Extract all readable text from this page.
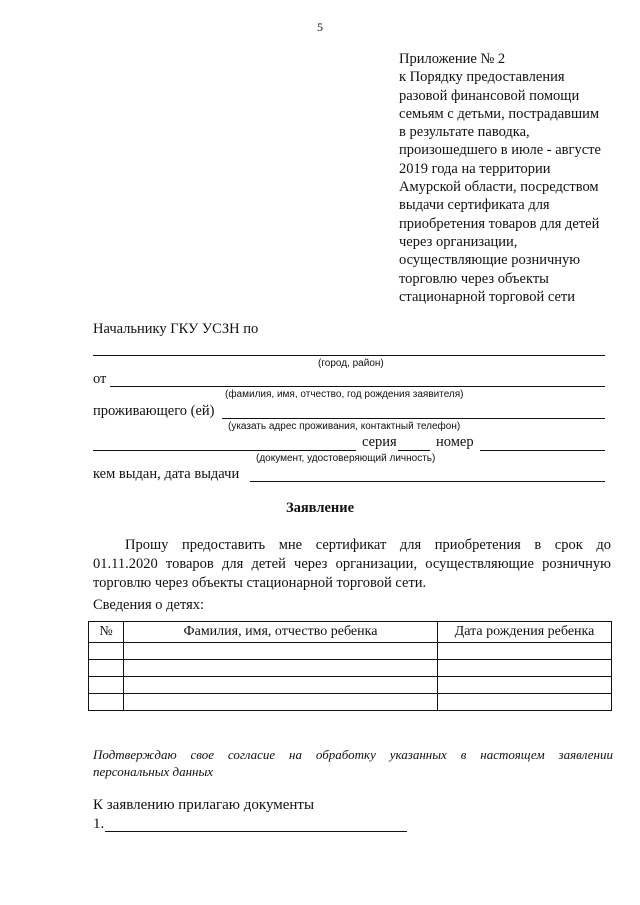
5
Приложение № 2
к Порядку предоставления
разовой финансовой помощи
семьям с детьми, пострадавшим
в результате паводка,
произошедшего в июле - августе
2019 года на территории
Амурской области, посредством
выдачи сертификата для
приобретения товаров для детей
через организации,
осуществляющие розничную
торговлю через объекты
стационарной торговой сети
Начальнику ГКУ УСЗН по
(город, район)
от
(фамилия, имя, отчество, год рождения заявителя)
проживающего (ей)
(указать адрес проживания, контактный телефон)
серия	номер
(документ, удостоверяющий личность)
кем выдан, дата выдачи
Заявление
Прошу предоставить мне сертификат для приобретения в срок до
01.11.2020 товаров для детей через организации, осуществляющие розничную
торговлю через объекты стационарной торговой сети.
Сведения о детях:
№	Фамилия, имя, отчество ребенка	Дата рождения ребенка

Подтверждаю свое согласие на обработку указанных в настоящем заявлении
персональных данных
К заявлению прилагаю документы
1.
